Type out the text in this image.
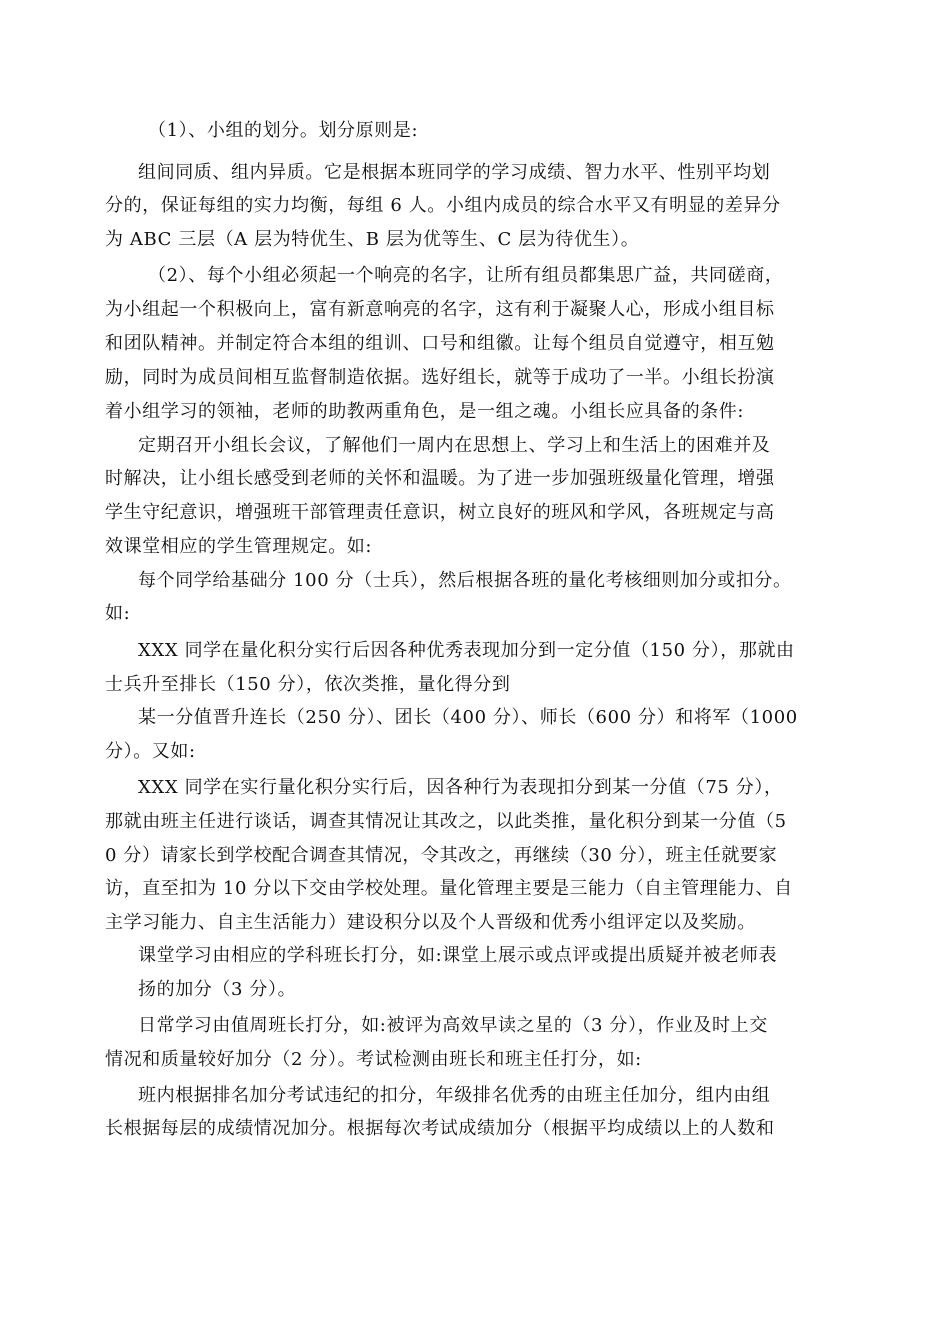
（1）、小组的划分。划分原则是:
组间同质、组内异质。它是根据本班同学的学习成绩、智力水平、性别平均划
分的，保证每组的实力均衡，每组 6 人。小组内成员的综合水平又有明显的差异分
为 ABC 三层（A 层为特优生、B 层为优等生、C 层为待优生）。
（2）、每个小组必须起一个响亮的名字，让所有组员都集思广益，共同磋商，
为小组起一个积极向上，富有新意响亮的名字，这有利于凝聚人心，形成小组目标
和团队精神。并制定符合本组的组训、口号和组徽。让每个组员自觉遵守，相互勉
励，同时为成员间相互监督制造依据。选好组长，就等于成功了一半。小组长扮演
着小组学习的领袖，老师的助教两重角色，是一组之魂。小组长应具备的条件:
定期召开小组长会议，了解他们一周内在思想上、学习上和生活上的困难并及
时解决，让小组长感受到老师的关怀和温暖。为了进一步加强班级量化管理，增强
学生守纪意识，增强班干部管理责任意识，树立良好的班风和学风，各班规定与高
效课堂相应的学生管理规定。如:
每个同学给基础分 100 分（士兵），然后根据各班的量化考核细则加分或扣分。
如:
XXX 同学在量化积分实行后因各种优秀表现加分到一定分值（150 分），那就由
士兵升至排长（150 分），依次类推，量化得分到
某一分值晋升连长（250 分）、团长（400 分）、师长（600 分）和将军（1000
分）。又如:
XXX 同学在实行量化积分实行后，因各种行为表现扣分到某一分值（75 分），
那就由班主任进行谈话，调查其情况让其改之，以此类推，量化积分到某一分值（5
0 分）请家长到学校配合调查其情况，令其改之，再继续（30 分），班主任就要家
访，直至扣为 10 分以下交由学校处理。量化管理主要是三能力（自主管理能力、自
主学习能力、自主生活能力）建设积分以及个人晋级和优秀小组评定以及奖励。
课堂学习由相应的学科班长打分，如:课堂上展示或点评或提出质疑并被老师表
扬的加分（3 分）。
日常学习由值周班长打分，如:被评为高效早读之星的（3 分），作业及时上交
情况和质量较好加分（2 分）。考试检测由班长和班主任打分，如:
班内根据排名加分考试违纪的扣分，年级排名优秀的由班主任加分，组内由组
长根据每层的成绩情况加分。根据每次考试成绩加分（根据平均成绩以上的人数和
